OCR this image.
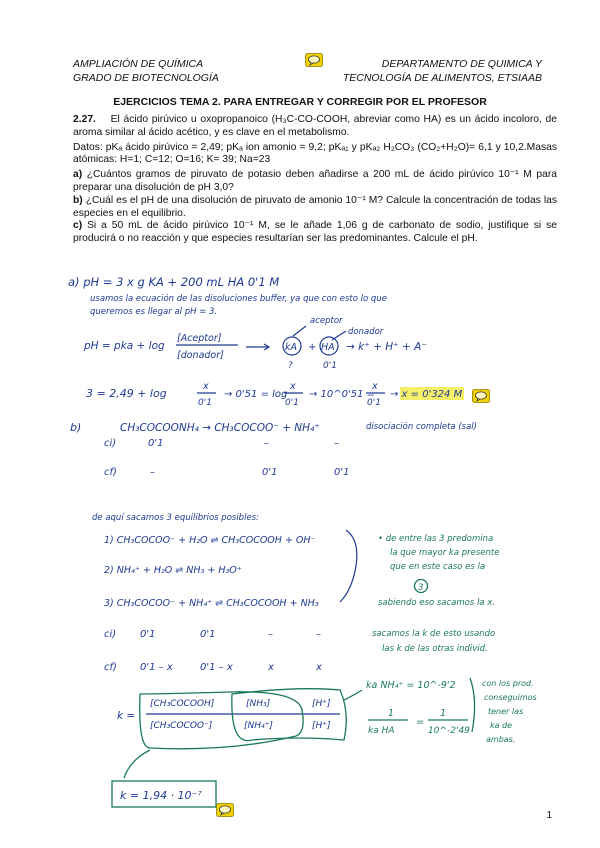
AMPLIACIÓN DE QUÍMICA
GRADO DE BIOTECNOLOGÍA
DEPARTAMENTO DE QUIMICA Y
TECNOLOGÍA DE ALIMENTOS, ETSIAAB
EJERCICIOS TEMA 2. PARA ENTREGAR Y CORREGIR POR EL PROFESOR

2.27. El ácido pirúvico u oxopropanoico (H₃C-CO-COOH, abreviar como HA) es un ácido incoloro, de aroma similar al ácido acético, y es clave en el metabolismo.

Datos: pKₐ ácido pirúvico = 2,49; pKₐ ion amonio = 9,2; pKₐ₁ y pKₐ₂ H₂CO₃ (CO₂+H₂O)= 6,1 y 10,2.Masas atómicas: H=1; C=12; O=16; K= 39; Na=23

a) ¿Cuántos gramos de piruvato de potasio deben añadirse a 200 mL de ácido pirúvico 10⁻¹ M para preparar una disolución de pH 3,0?

b) ¿Cuál es el pH de una disolución de piruvato de amonio 10⁻¹ M? Calcule la concentración de todas las especies en el equilibrio.

c) Si a 50 mL de ácido pirúvico 10⁻¹ M, se le añade 1,06 g de carbonato de sodio, justifique si se producirá o no reacción y que especies resultarían ser las predominantes. Calcule el pH.

a) pH = 3 x g KA + 200 mL HA 0'1 M
usamos la ecuación de las disoluciones buffer, ya que con esto lo que
queremos es llegar al pH = 3.
pH = pka + log
[Aceptor]
[donador]
aceptor
donador
kA + HA → k⁺ + H⁺ + A⁻
?	0'1
3 = 2,49 + log
x
0'1
→ 0'51 = log
x
0'1
→ 10^0'51 =
x
0'1
→ x = 0'324 M
b)	CH₃COCOONH₄ → CH₃COCOO⁻ + NH₄⁺	disociación completa (sal)
ci)	0'1	–	–
cf)	–	0'1	0'1
de aquí sacamos 3 equilibrios posibles:
1) CH₃COCOO⁻ + H₂O ⇌ CH₃COCOOH + OH⁻
2) NH₄⁺ + H₂O ⇌ NH₃ + H₃O⁺
3) CH₃COCOO⁻ + NH₄⁺ ⇌ CH₃COCOOH + NH₃
• de entre las 3 predomina
la que mayor ka presente
que en este caso es la
3
sabiendo eso sacamos la x.
ci) 0'1	0'1	–	–	sacamos la k de esto usando
las k de las otras individ.
cf) 0'1 – x	0'1 – x	x	x
k =
[CH₃COCOOH]
[CH₃COCOO⁻]
[NH₃]
[NH₄⁺]
[H⁺]
[H⁺]
ka NH₄⁺ = 10^-9'2
1
ka HA
=
1
10^-2'49
con los prod.
conseguimos
tener las
ka de
ambas.
k = 1,94 · 10⁻⁷
1
